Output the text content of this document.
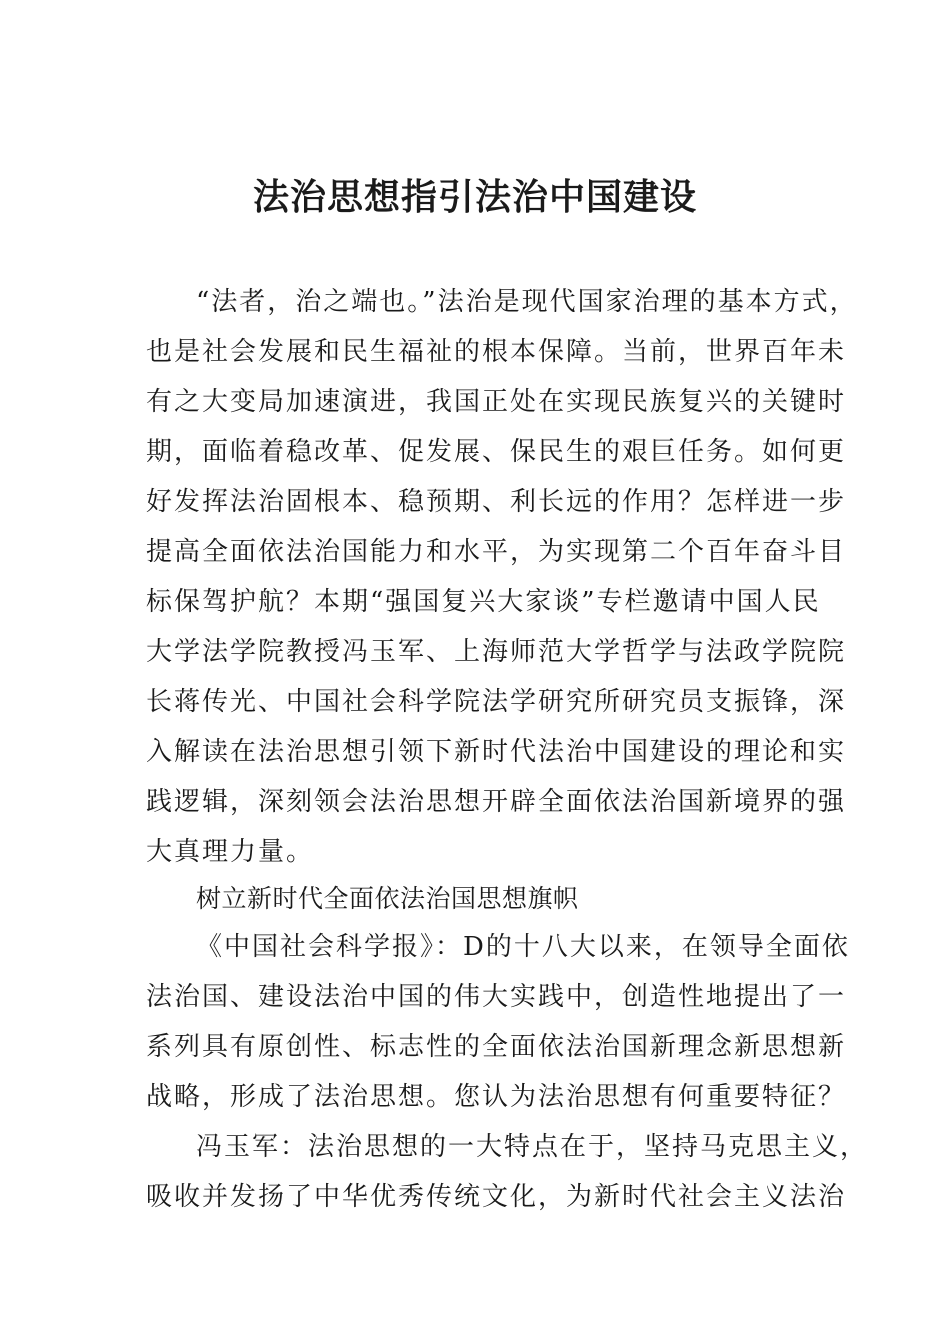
法治思想指引法治中国建设
“法者，治之端也。”法治是现代国家治理的基本方式，
也是社会发展和民生福祉的根本保障。当前，世界百年未
有之大变局加速演进，我国正处在实现民族复兴的关键时
期，面临着稳改革、促发展、保民生的艰巨任务。如何更
好发挥法治固根本、稳预期、利长远的作用？怎样进一步
提高全面依法治国能力和水平，为实现第二个百年奋斗目
标保驾护航？本期“强国复兴大家谈”专栏邀请中国人民
大学法学院教授冯玉军、上海师范大学哲学与法政学院院
长蒋传光、中国社会科学院法学研究所研究员支振锋，深
入解读在法治思想引领下新时代法治中国建设的理论和实
践逻辑，深刻领会法治思想开辟全面依法治国新境界的强
大真理力量。
树立新时代全面依法治国思想旗帜
《中国社会科学报》：D的十八大以来，在领导全面依
法治国、建设法治中国的伟大实践中，创造性地提出了一
系列具有原创性、标志性的全面依法治国新理念新思想新
战略，形成了法治思想。您认为法治思想有何重要特征？
冯玉军：法治思想的一大特点在于，坚持马克思主义，
吸收并发扬了中华优秀传统文化，为新时代社会主义法治
